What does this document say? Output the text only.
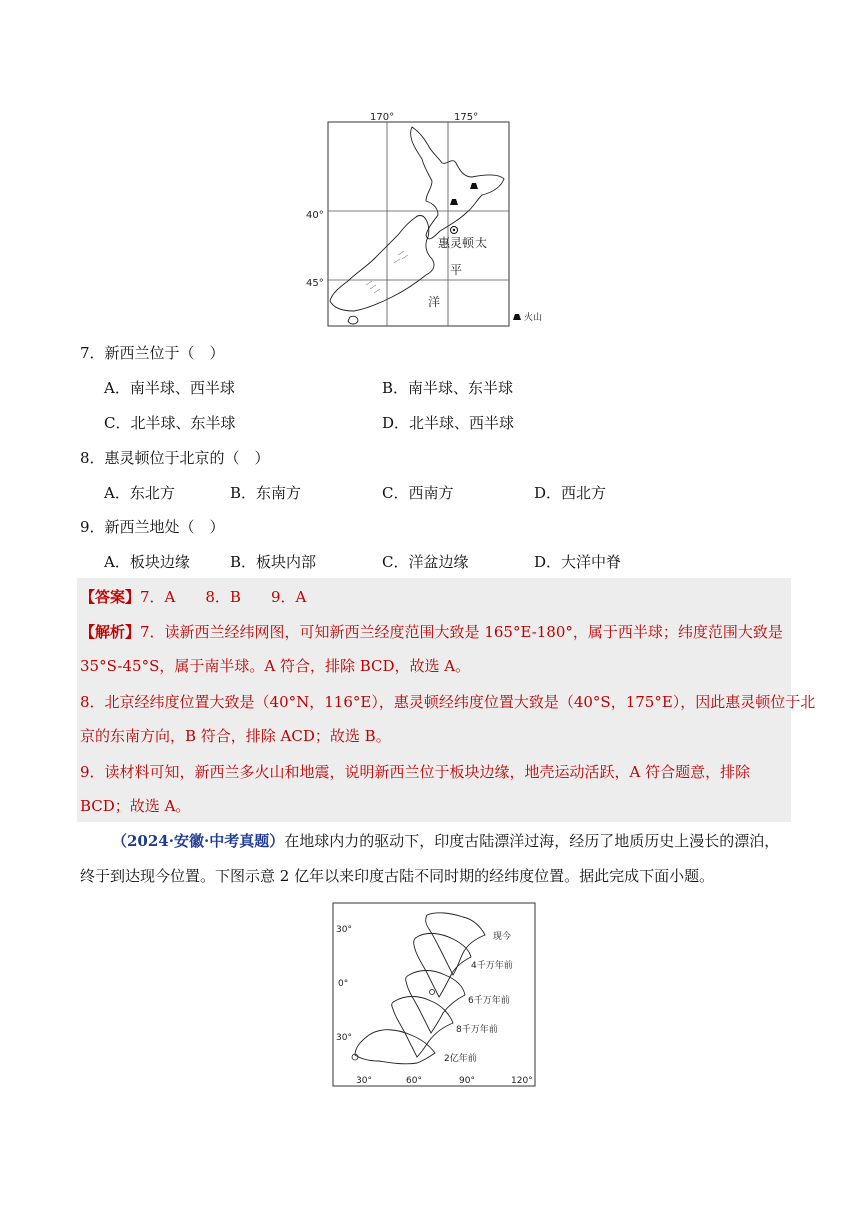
170°	175°
40°
45°
惠灵顿 太
平
洋
火山
7．新西兰位于（　）
A．南半球、西半球	B．南半球、东半球
C．北半球、东半球	D．北半球、西半球
8．惠灵顿位于北京的（　）
A．东北方	B．东南方	C．西南方	D．西北方
9．新西兰地处（　）
A．板块边缘	B．板块内部	C．洋盆边缘	D．大洋中脊
【答案】7．A　　8．B　　9．A
【解析】7．读新西兰经纬网图，可知新西兰经度范围大致是 165°E-180°，属于西半球；纬度范围大致是
35°S-45°S，属于南半球。A 符合，排除 BCD，故选 A。
8．北京经纬度位置大致是（40°N，116°E），惠灵顿经纬度位置大致是（40°S，175°E），因此惠灵顿位于北
京的东南方向，B 符合，排除 ACD；故选 B。
9．读材料可知，新西兰多火山和地震，说明新西兰位于板块边缘，地壳运动活跃，A 符合题意，排除
BCD；故选 A。
（2024·安徽·中考真题）在地球内力的驱动下，印度古陆漂洋过海，经历了地质历史上漫长的漂泊，
终于到达现今位置。下图示意 2 亿年以来印度古陆不同时期的经纬度位置。据此完成下面小题。
30°
0°
30°
30°	60°	90°	120°
现今
4千万年前
6千万年前
8千万年前
2亿年前
